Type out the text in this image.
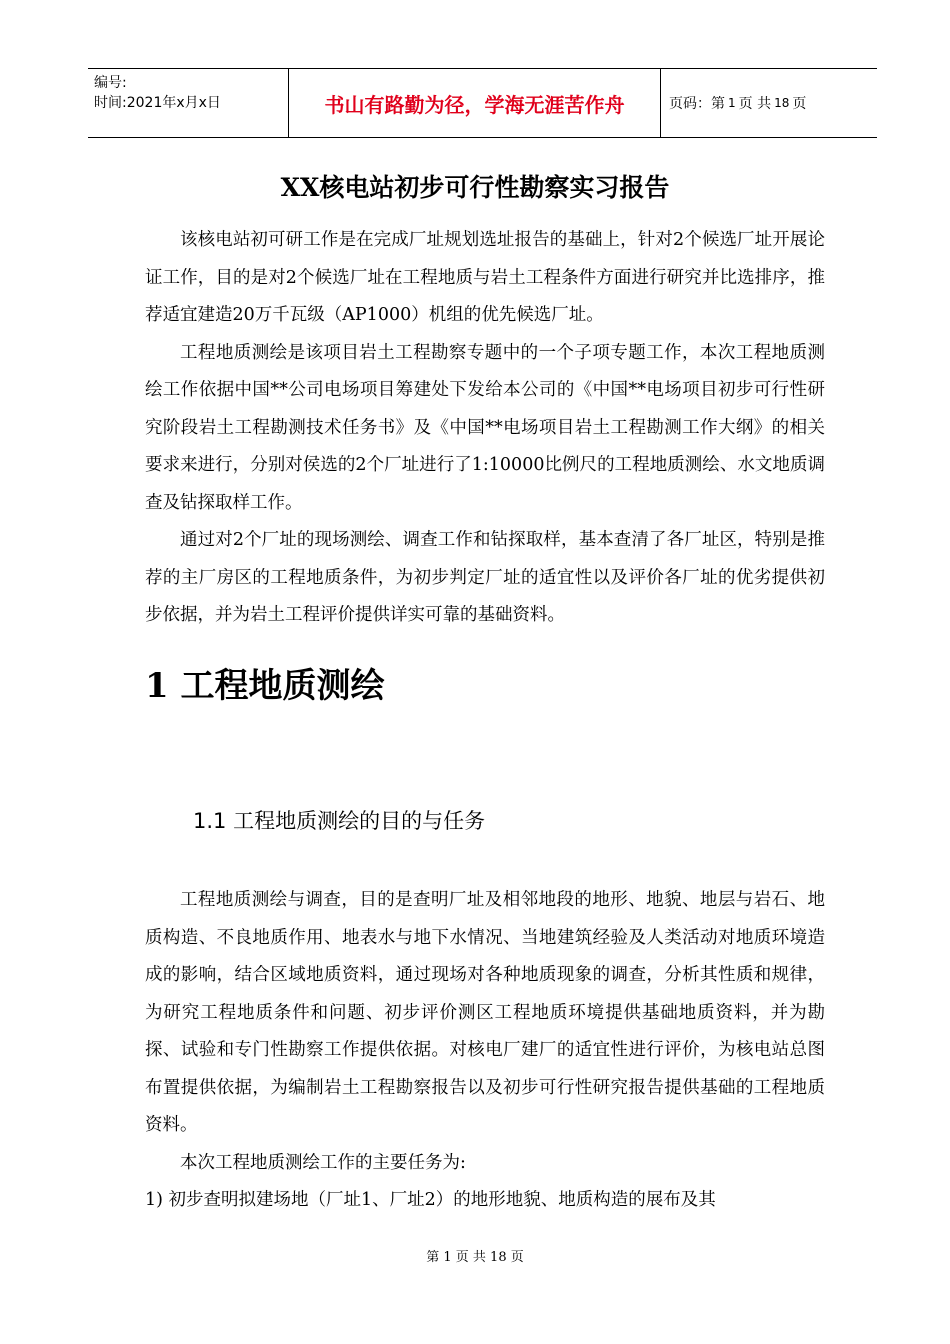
编号:
时间:2021年x月x日	书山有路勤为径，学海无涯苦作舟	页码：第 1 页 共 18 页
XX核电站初步可行性勘察实习报告

该核电站初可研工作是在完成厂址规划选址报告的基础上，针对2个候选厂址开展论证工作，目的是对2个候选厂址在工程地质与岩土工程条件方面进行研究并比选排序，推荐适宜建造20万千瓦级（AP1000）机组的优先候选厂址。

工程地质测绘是该项目岩土工程勘察专题中的一个子项专题工作，本次工程地质测绘工作依据中国**公司电场项目筹建处下发给本公司的《中国**电场项目初步可行性研究阶段岩土工程勘测技术任务书》及《中国**电场项目岩土工程勘测工作大纲》的相关要求来进行，分别对侯选的2个厂址进行了1:10000比例尺的工程地质测绘、水文地质调查及钻探取样工作。

通过对2个厂址的现场测绘、调查工作和钻探取样，基本查清了各厂址区，特别是推荐的主厂房区的工程地质条件，为初步判定厂址的适宜性以及评价各厂址的优劣提供初步依据，并为岩土工程评价提供详实可靠的基础资料。

1 工程地质测绘
1.1 工程地质测绘的目的与任务

工程地质测绘与调查，目的是查明厂址及相邻地段的地形、地貌、地层与岩石、地质构造、不良地质作用、地表水与地下水情况、当地建筑经验及人类活动对地质环境造成的影响，结合区域地质资料，通过现场对各种地质现象的调查，分析其性质和规律，为研究工程地质条件和问题、初步评价测区工程地质环境提供基础地质资料，并为勘探、试验和专门性勘察工作提供依据。对核电厂建厂的适宜性进行评价，为核电站总图布置提供依据，为编制岩土工程勘察报告以及初步可行性研究报告提供基础的工程地质资料。

本次工程地质测绘工作的主要任务为:

1) 初步查明拟建场地（厂址1、厂址2）的地形地貌、地质构造的展布及其

第 1 页 共 18 页
